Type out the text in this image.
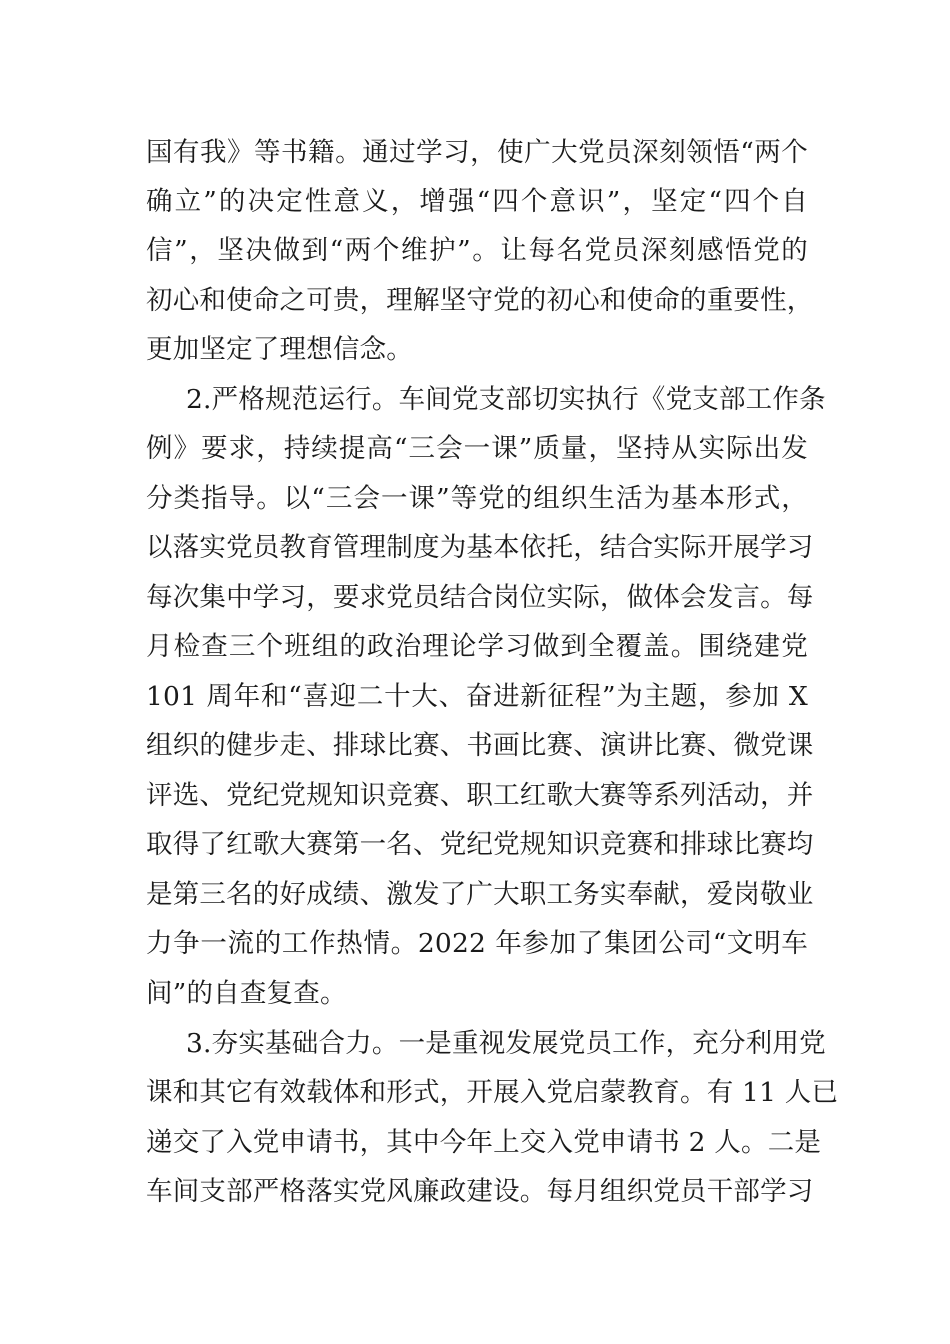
国有我》等书籍。通过学习，使广大党员深刻领悟“两个

确立”的决定性意义，增强“四个意识”，坚定“四个自

信”，坚决做到“两个维护”。让每名党员深刻感悟党的

初心和使命之可贵，理解坚守党的初心和使命的重要性，

更加坚定了理想信念。

2.严格规范运行。车间党支部切实执行《党支部工作条

例》要求，持续提高“三会一课”质量，坚持从实际出发

分类指导。以“三会一课”等党的组织生活为基本形式，

以落实党员教育管理制度为基本依托，结合实际开展学习

每次集中学习，要求党员结合岗位实际，做体会发言。每

月检查三个班组的政治理论学习做到全覆盖。围绕建党

101 周年和“喜迎二十大、奋进新征程”为主题，参加 X

组织的健步走、排球比赛、书画比赛、演讲比赛、微党课

评选、党纪党规知识竞赛、职工红歌大赛等系列活动，并

取得了红歌大赛第一名、党纪党规知识竞赛和排球比赛均

是第三名的好成绩、激发了广大职工务实奉献，爱岗敬业

力争一流的工作热情。2022 年参加了集团公司“文明车

间”的自查复查。

3.夯实基础合力。一是重视发展党员工作，充分利用党

课和其它有效载体和形式，开展入党启蒙教育。有 11 人已

递交了入党申请书，其中今年上交入党申请书 2 人。二是

车间支部严格落实党风廉政建设。每月组织党员干部学习
